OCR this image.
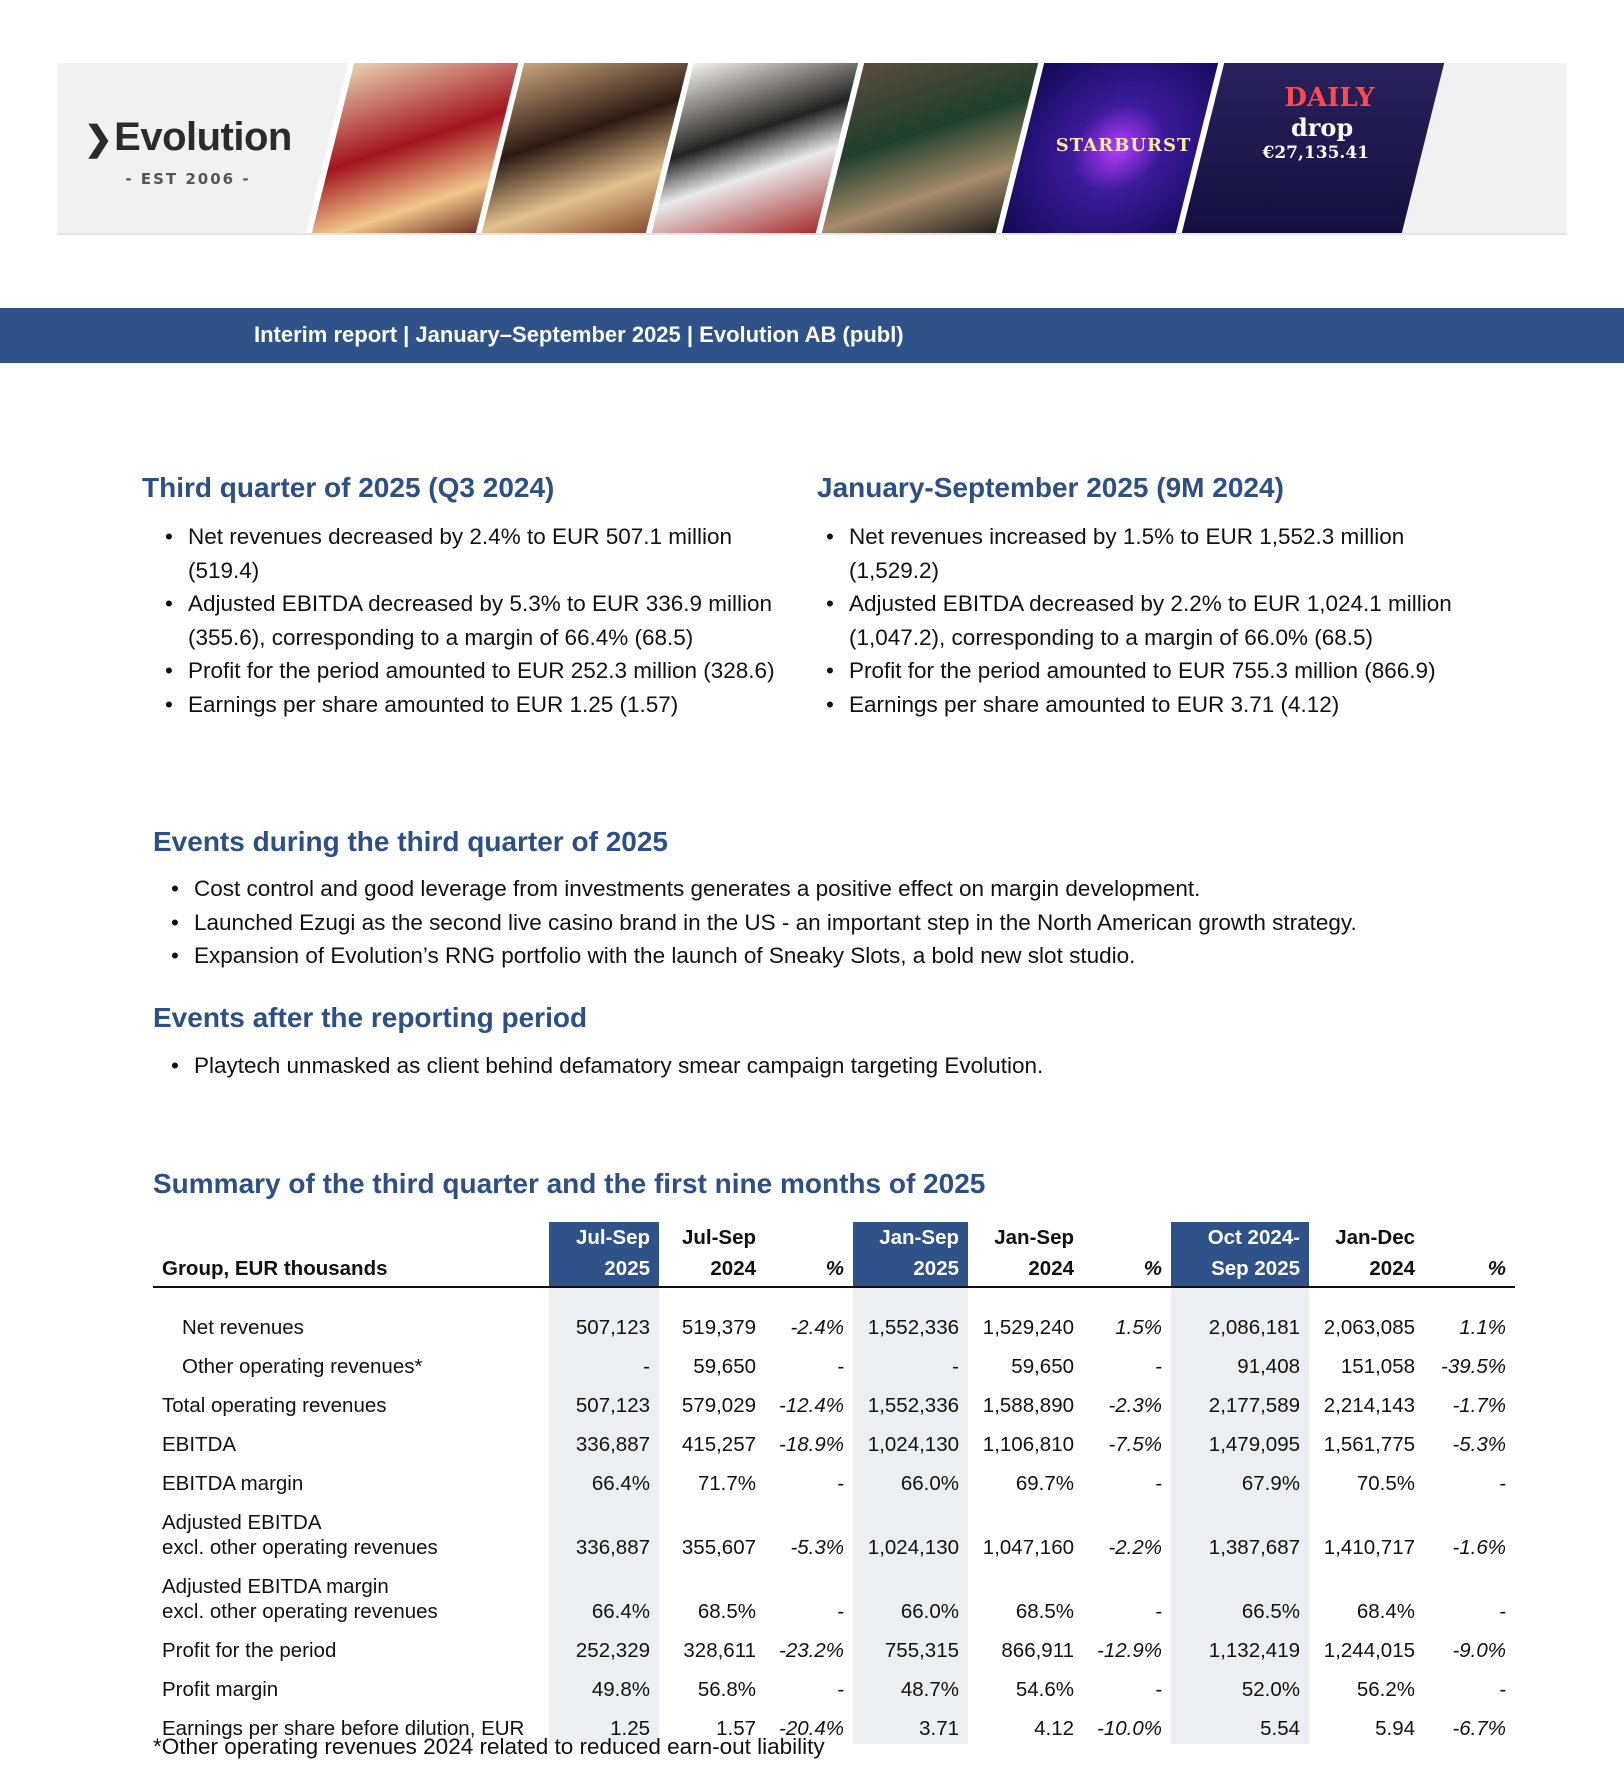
❯Evolution
- EST 2006 -
STARBURST
DAILY
drop
€27,135.41
Interim report | January–September 2025 | Evolution AB (publ)
Third quarter of 2025 (Q3 2024)
• Net revenues decreased by 2.4% to EUR 507.1 million (519.4)
• Adjusted EBITDA decreased by 5.3% to EUR 336.9 million (355.6), corresponding to a margin of 66.4% (68.5)
• Profit for the period amounted to EUR 252.3 million (328.6)
• Earnings per share amounted to EUR 1.25 (1.57)
January-September 2025 (9M 2024)
• Net revenues increased by 1.5% to EUR 1,552.3 million (1,529.2)
• Adjusted EBITDA decreased by 2.2% to EUR 1,024.1 million (1,047.2), corresponding to a margin of 66.0% (68.5)
• Profit for the period amounted to EUR 755.3 million (866.9)
• Earnings per share amounted to EUR 3.71 (4.12)
Events during the third quarter of 2025
• Cost control and good leverage from investments generates a positive effect on margin development.
• Launched Ezugi as the second live casino brand in the US - an important step in the North American growth strategy.
• Expansion of Evolution’s RNG portfolio with the launch of Sneaky Slots, a bold new slot studio.
Events after the reporting period
• Playtech unmasked as client behind defamatory smear campaign targeting Evolution.
Summary of the third quarter and the first nine months of 2025
	Jul-Sep	Jul-Sep		Jan-Sep	Jan-Sep		Oct 2024-	Jan-Dec	
Group, EUR thousands	2025	2024	%	2025	2024	%	Sep 2025	2024	%

Net revenues	507,123	519,379	-2.4%	1,552,336	1,529,240	1.5%	2,086,181	2,063,085	1.1%

Other operating revenues*	-	59,650	-	-	59,650	-	91,408	151,058	-39.5%

Total operating revenues	507,123	579,029	-12.4%	1,552,336	1,588,890	-2.3%	2,177,589	2,214,143	-1.7%

EBITDA	336,887	415,257	-18.9%	1,024,130	1,106,810	-7.5%	1,479,095	1,561,775	-5.3%

EBITDA margin	66.4%	71.7%	-	66.0%	69.7%	-	67.9%	70.5%	-

Adjusted EBITDA
excl. other operating revenues	336,887	355,607	-5.3%	1,024,130	1,047,160	-2.2%	1,387,687	1,410,717	-1.6%

Adjusted EBITDA margin
excl. other operating revenues	66.4%	68.5%	-	66.0%	68.5%	-	66.5%	68.4%	-

Profit for the period	252,329	328,611	-23.2%	755,315	866,911	-12.9%	1,132,419	1,244,015	-9.0%

Profit margin	49.8%	56.8%	-	48.7%	54.6%	-	52.0%	56.2%	-

Earnings per share before dilution, EUR	1.25	1.57	-20.4%	3.71	4.12	-10.0%	5.54	5.94	-6.7%
*Other operating revenues 2024 related to reduced earn-out liability
